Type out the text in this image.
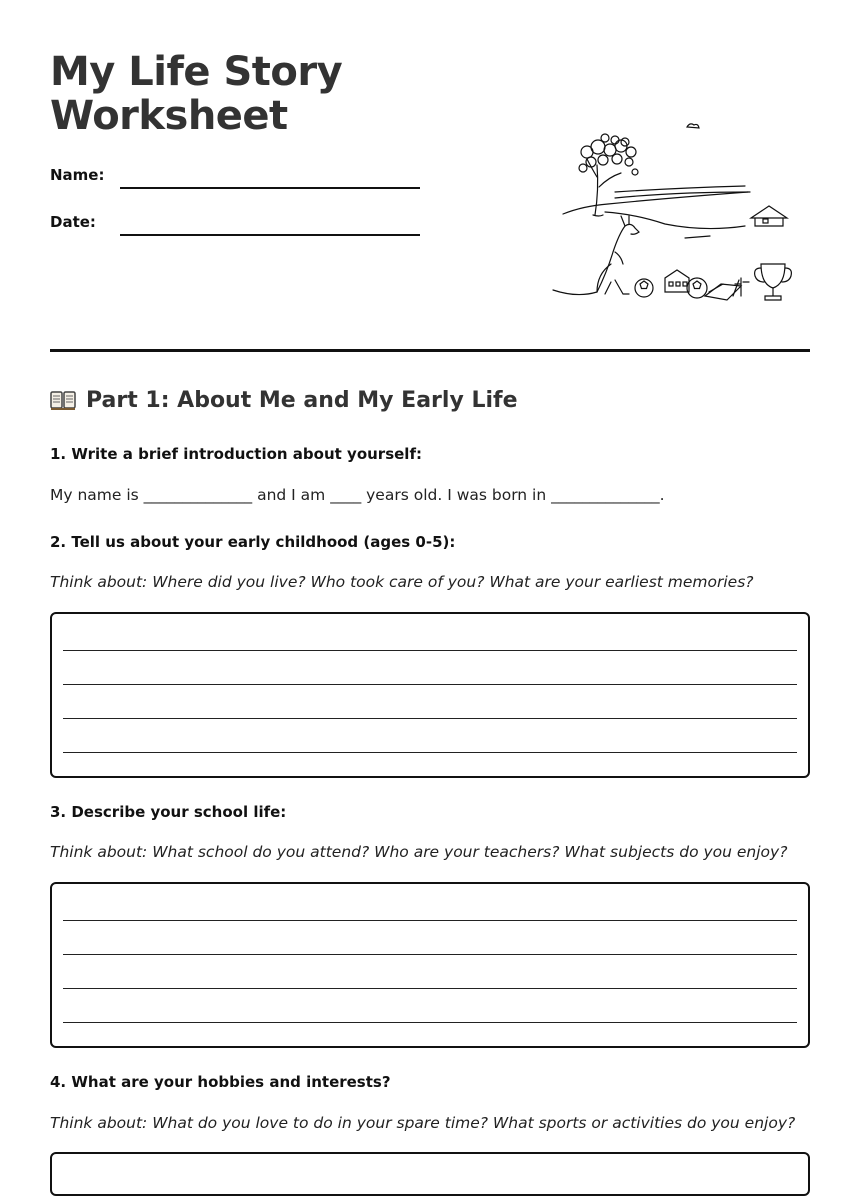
My Life Story
Worksheet
Name:
Date:
Part 1: About Me and My Early Life

1. Write a brief introduction about yourself:

My name is ______________ and I am ____ years old. I was born in ______________.

2. Tell us about your early childhood (ages 0-5):

Think about: Where did you live? Who took care of you? What are your earliest memories?

3. Describe your school life:

Think about: What school do you attend? Who are your teachers? What subjects do you enjoy?

4. What are your hobbies and interests?

Think about: What do you love to do in your spare time? What sports or activities do you enjoy?
